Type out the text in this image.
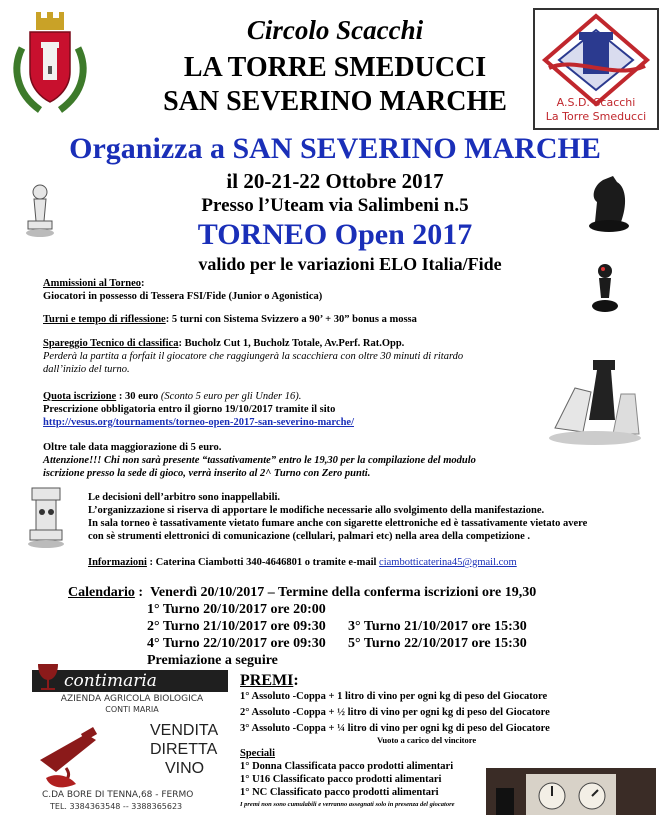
Circolo Scacchi
LA TORRE SMEDUCCI
SAN SEVERINO MARCHE	A.S.D. Scacchi
La Torre Smeducci
Organizza a SAN SEVERINO MARCHE
il 20-21-22 Ottobre 2017
Presso l’Uteam via Salimbeni n.5
TORNEO Open 2017
valido per le variazioni ELO Italia/Fide
Ammissioni al Torneo:
Giocatori in possesso di Tessera FSI/Fide (Junior o Agonistica)
Turni e tempo di riflessione: 5 turni con Sistema Svizzero a 90’ + 30” bonus a mossa
Spareggio Tecnico di classifica: Bucholz Cut 1, Bucholz Totale, Av.Perf. Rat.Opp.
Perderà la partita a forfait il giocatore che raggiungerà la scacchiera con oltre 30 minuti di ritardo
dall’inizio del turno.
Quota iscrizione : 30 euro (Sconto 5 euro per gli Under 16).
Prescrizione obbligatoria entro il giorno 19/10/2017 tramite il sito
http://vesus.org/tournaments/torneo-open-2017-san-severino-marche/
Oltre tale data maggiorazione di 5 euro.
Attenzione!!! Chi non sarà presente “tassativamente” entro le 19,30 per la compilazione del modulo
iscrizione presso la sede di gioco, verrà inserito al 2^ Turno con Zero punti.
Le decisioni dell’arbitro sono inappellabili.
L’organizzazione si riserva di apportare le modifiche necessarie allo svolgimento della manifestazione.
In sala torneo è tassativamente vietato fumare anche con sigarette elettroniche ed è tassativamente vietato avere
con sè strumenti elettronici di comunicazione (cellulari, palmari etc) nella area della competizione .
Informazioni : Caterina Ciambotti 340-4646801 o tramite e-mail ciambotticaterina45@gmail.com
Calendario : Venerdì 20/10/2017 – Termine della conferma iscrizioni ore 19,30
1° Turno 20/10/2017 ore 20:00
2° Turno 21/10/2017 ore 09:30 3° Turno 21/10/2017 ore 15:30
4° Turno 22/10/2017 ore 09:30 5° Turno 22/10/2017 ore 15:30
Premiazione a seguire
contimaria
AZIENDA AGRICOLA BIOLOGICA
CONTI MARIA
VENDITA
DIRETTA
VINO
C.DA BORE DI TENNA,68 - FERMO
TEL. 3384363548 -- 3388365623
PREMI:
1° Assoluto -Coppa + 1 litro di vino per ogni kg di peso del Giocatore
2° Assoluto -Coppa + ½ litro di vino per ogni kg di peso del Giocatore
3° Assoluto -Coppa + ¼ litro di vino per ogni kg di peso del Giocatore
Vuoto a carico del vincitore
Speciali
1° Donna Classificata pacco prodotti alimentari
1° U16 Classificato pacco prodotti alimentari
1° NC Classificato pacco prodotti alimentari
I premi non sono cumulabili e verranno assegnati solo in presenza del giocatore
